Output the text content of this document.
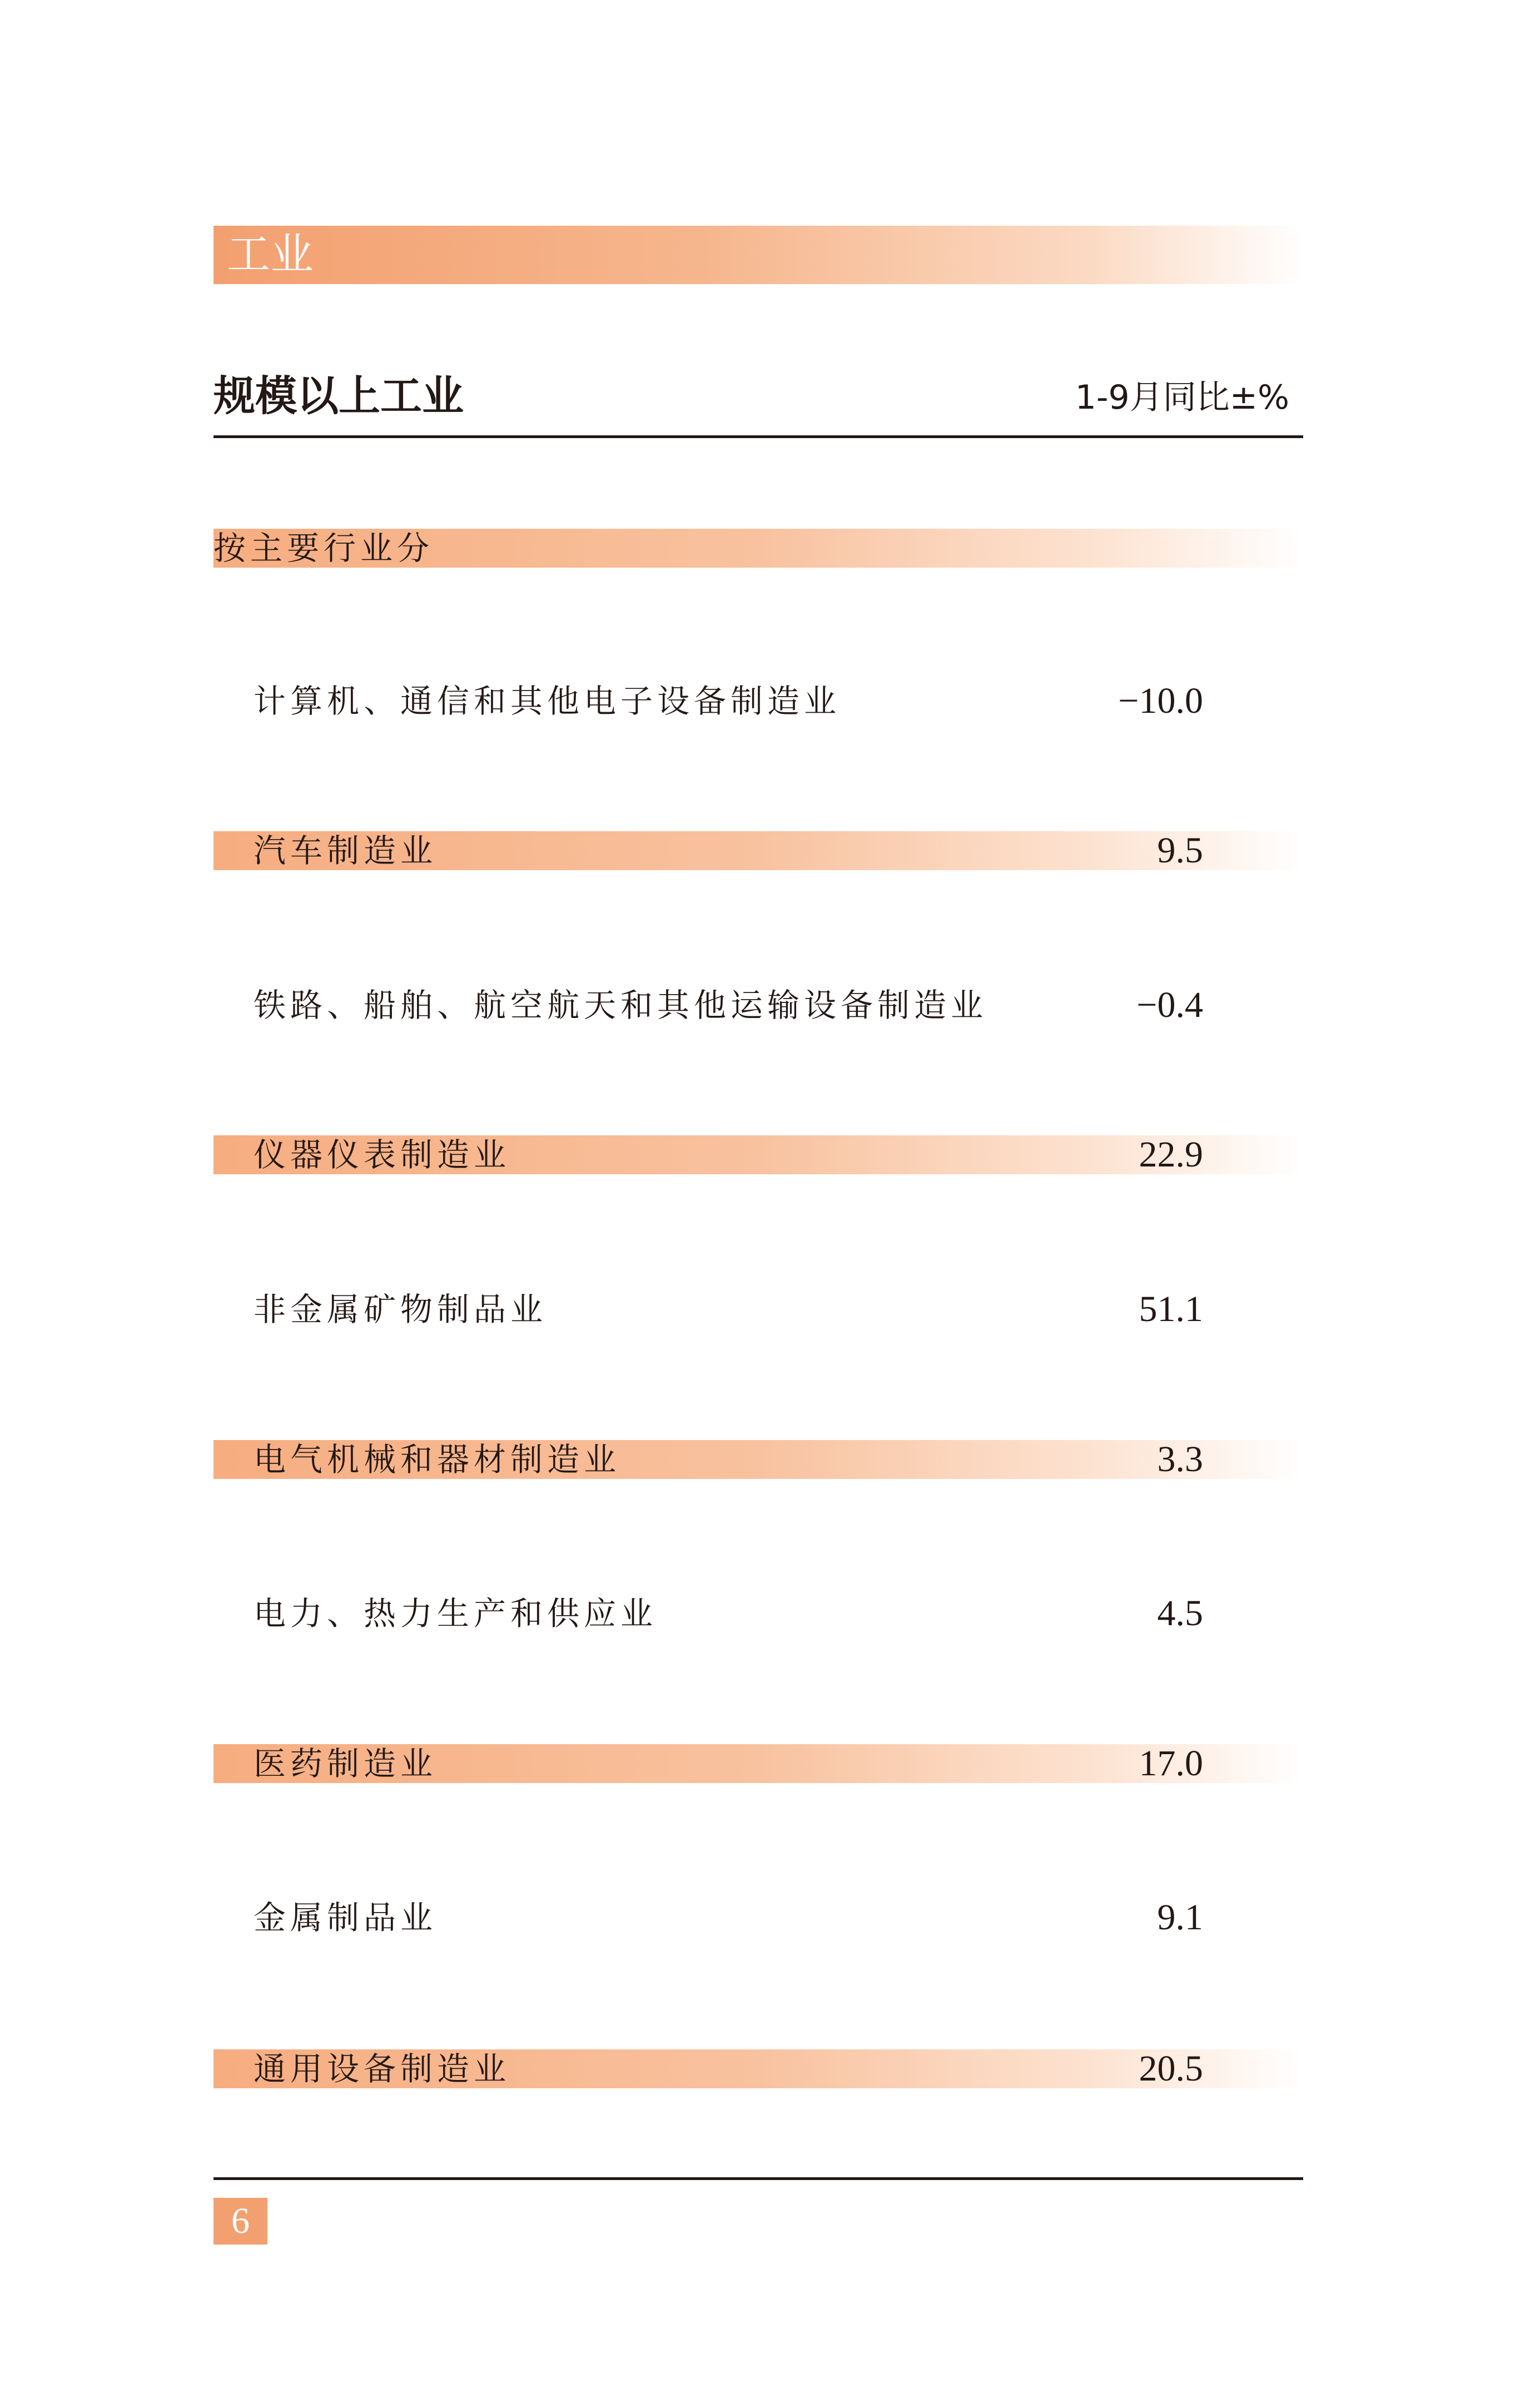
工业
规模以上工业	1-9月同比±%
按主要行业分
计算机、通信和其他电子设备制造业	−10.0
汽车制造业	9.5
铁路、船舶、航空航天和其他运输设备制造业	−0.4
仪器仪表制造业	22.9
非金属矿物制品业	51.1
电气机械和器材制造业	3.3
电力、热力生产和供应业	4.5
医药制造业	17.0
金属制品业	9.1
通用设备制造业	20.5
6
